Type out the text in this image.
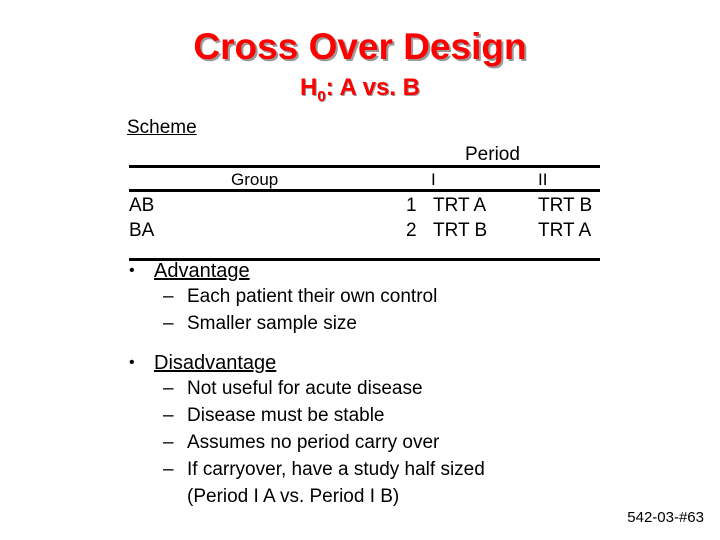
Cross Over Design
$H_0$: A vs. B
Scheme
Period
Group	I	II
AB	1 TRT A	TRT B
BA	2 TRT B	TRT A
• Advantage
– Each patient their own control
– Smaller sample size
• Disadvantage
– Not useful for acute disease
– Disease must be stable
– Assumes no period carry over
– If carryover, have a study half sized
(Period I A vs. Period I B)
542-03-#63
